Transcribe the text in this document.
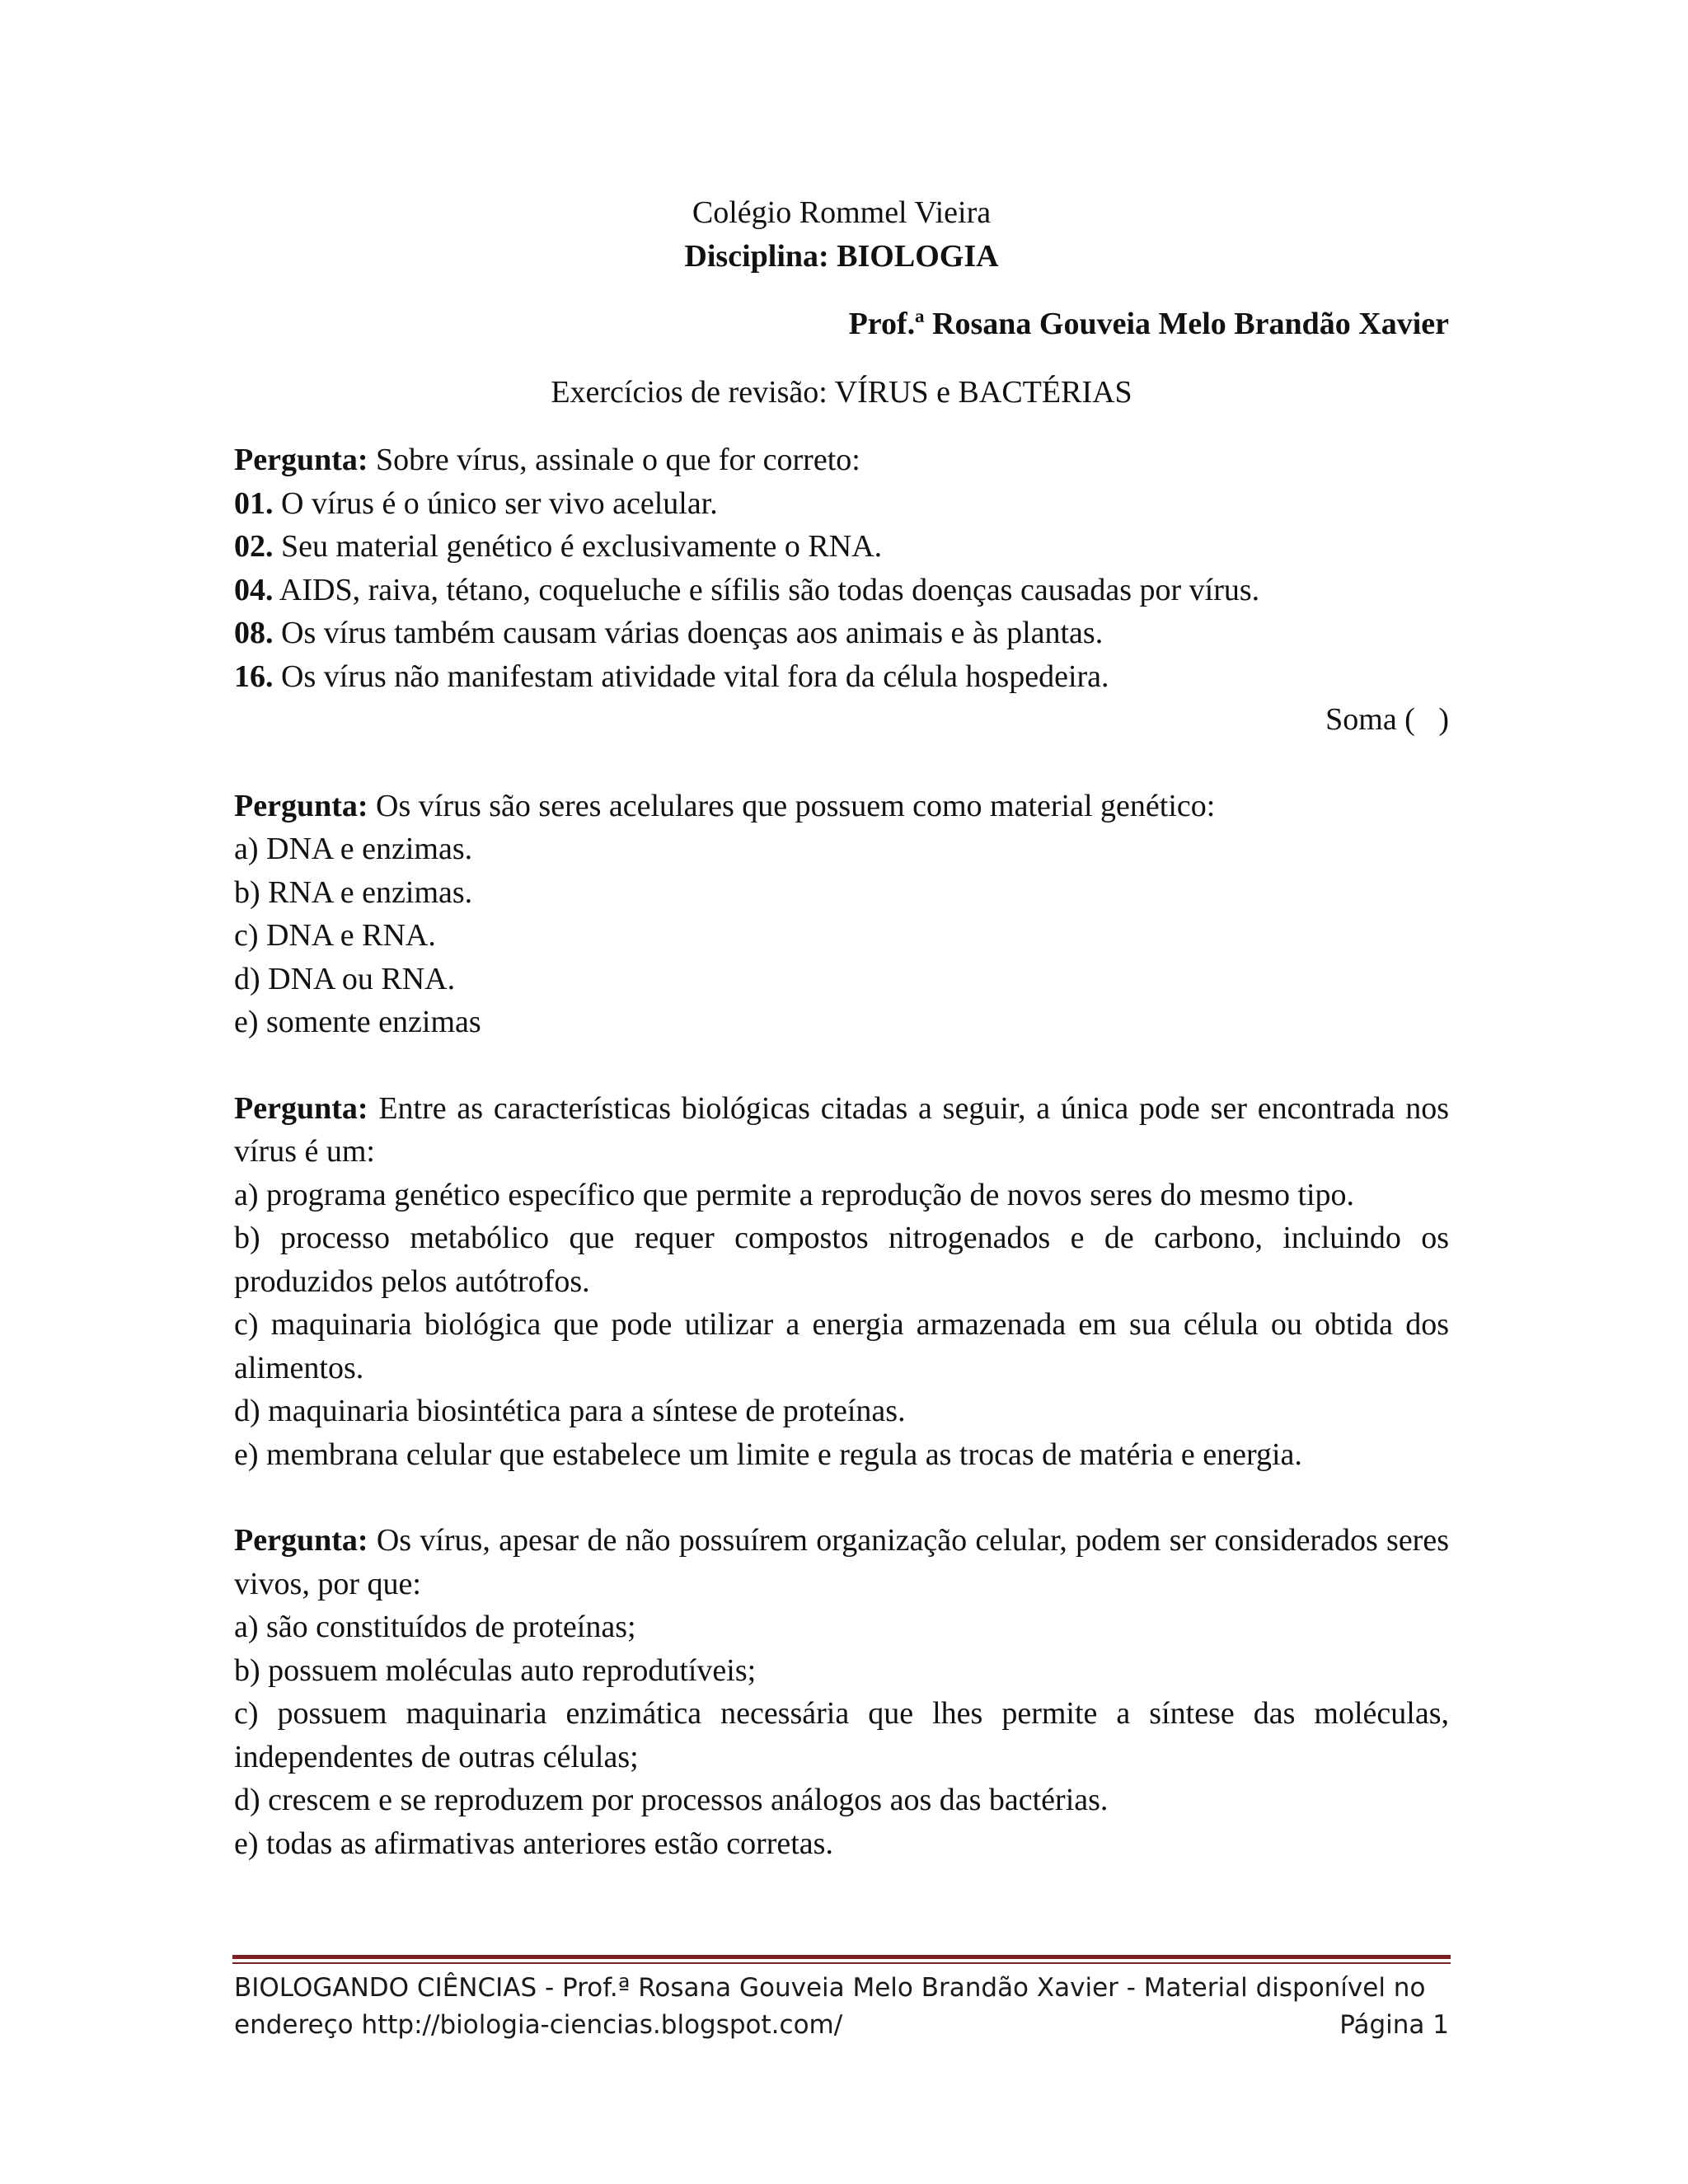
Colégio Rommel Vieira
Disciplina: BIOLOGIA
Prof.ª Rosana Gouveia Melo Brandão Xavier
Exercícios de revisão: VÍRUS e BACTÉRIAS
Pergunta: Sobre vírus, assinale o que for correto:
01. O vírus é o único ser vivo acelular.
02. Seu material genético é exclusivamente o RNA.
04. AIDS, raiva, tétano, coqueluche e sífilis são todas doenças causadas por vírus.
08. Os vírus também causam várias doenças aos animais e às plantas.
16. Os vírus não manifestam atividade vital fora da célula hospedeira.
Soma (   )
Pergunta: Os vírus são seres acelulares que possuem como material genético:
a) DNA e enzimas.
b) RNA e enzimas.
c) DNA e RNA.
d) DNA ou RNA.
e) somente enzimas
Pergunta: Entre as características biológicas citadas a seguir, a única pode ser encontrada nos vírus é um:
a) programa genético específico que permite a reprodução de novos seres do mesmo tipo.
b) processo metabólico que requer compostos nitrogenados e de carbono, incluindo os produzidos pelos autótrofos.
c) maquinaria biológica que pode utilizar a energia armazenada em sua célula ou obtida dos alimentos.
d) maquinaria biosintética para a síntese de proteínas.
e) membrana celular que estabelece um limite e regula as trocas de matéria e energia.
Pergunta: Os vírus, apesar de não possuírem organização celular, podem ser considerados seres vivos, por que:
a) são constituídos de proteínas;
b) possuem moléculas auto reprodutíveis;
c) possuem maquinaria enzimática necessária que lhes permite a síntese das moléculas, independentes de outras células;
d) crescem e se reproduzem por processos análogos aos das bactérias.
e) todas as afirmativas anteriores estão corretas.
BIOLOGANDO CIÊNCIAS - Prof.ª Rosana Gouveia Melo Brandão Xavier - Material disponível no
endereço http://biologia-ciencias.blogspot.com/	Página 1
